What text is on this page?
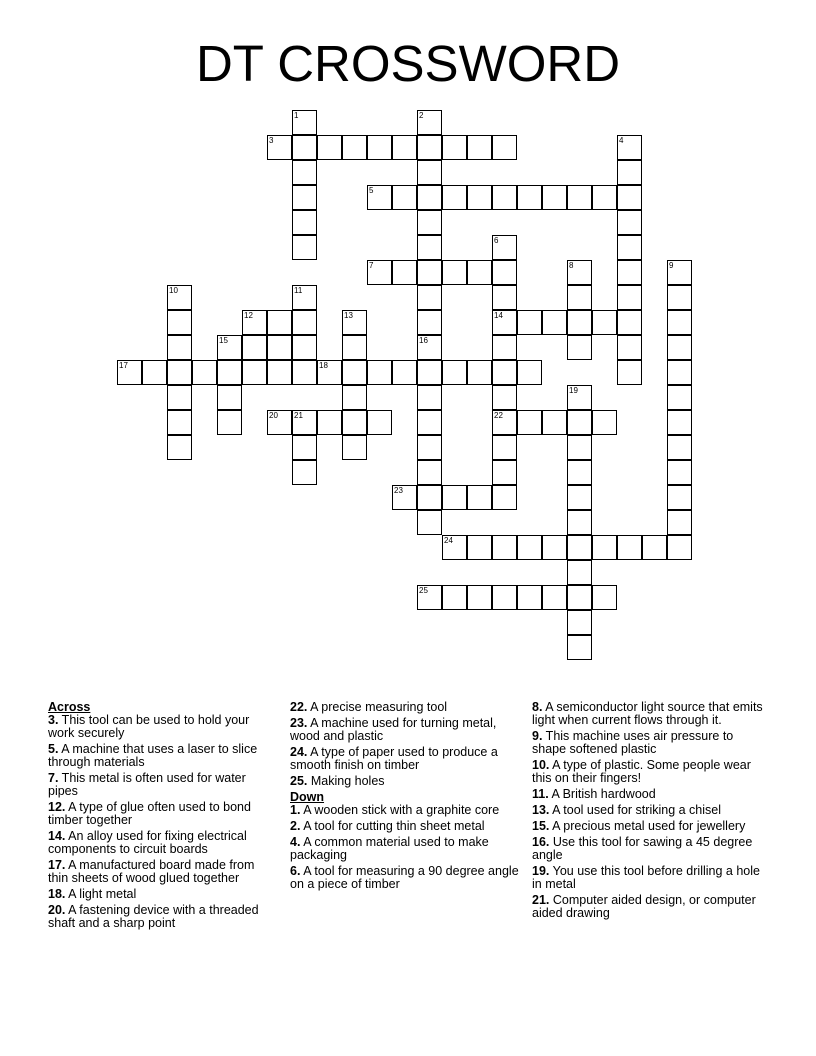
DT CROSSWORD
1	2
3	4
5
6
14
22
7	8	9
10	11
12	13
15	16
17	18
19
20 21
23
24
25
Across
3. This tool can be used to hold your work securely
5. A machine that uses a laser to slice through materials
7. This metal is often used for water pipes
12. A type of glue often used to bond timber together
14. An alloy used for fixing electrical components to circuit boards
17. A manufactured board made from thin sheets of wood glued together
18. A light metal
20. A fastening device with a threaded shaft and a sharp point
22. A precise measuring tool
23. A machine used for turning metal, wood and plastic
24. A type of paper used to produce a smooth finish on timber
25. Making holes
Down
1. A wooden stick with a graphite core
2. A tool for cutting thin sheet metal
4. A common material used to make packaging
6. A tool for measuring a 90 degree angle on a piece of timber
8. A semiconductor light source that emits light when current flows through it.
9. This machine uses air pressure to shape softened plastic
10. A type of plastic. Some people wear this on their fingers!
11. A British hardwood
13. A tool used for striking a chisel
15. A precious metal used for jewellery
16. Use this tool for sawing a 45 degree angle
19. You use this tool before drilling a hole in metal
21. Computer aided design, or computer aided drawing
